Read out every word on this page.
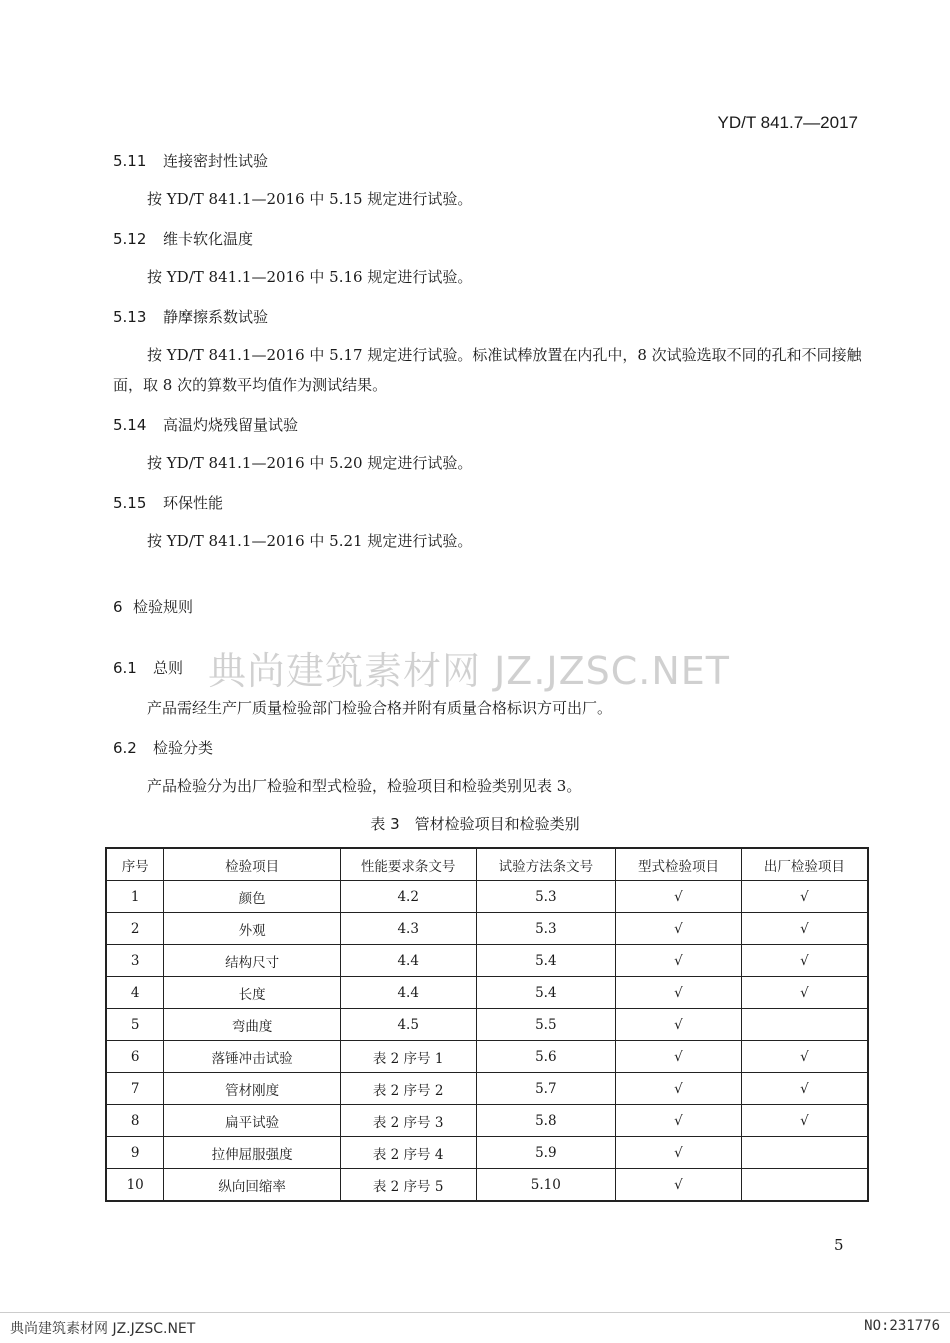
YD/T 841.7—2017
5.11 连接密封性试验
按 YD/T 841.1—2016 中 5.15 规定进行试验。
5.12 维卡软化温度
按 YD/T 841.1—2016 中 5.16 规定进行试验。
5.13 静摩擦系数试验
按 YD/T 841.1—2016 中 5.17 规定进行试验。标准试棒放置在内孔中，8 次试验选取不同的孔和不同接触面，取 8 次的算数平均值作为测试结果。
5.14 高温灼烧残留量试验
按 YD/T 841.1—2016 中 5.20 规定进行试验。
5.15 环保性能
按 YD/T 841.1—2016 中 5.21 规定进行试验。
6 检验规则
6.1 总则 典尚建筑素材网 JZ.JZSC.NET
产品需经生产厂质量检验部门检验合格并附有质量合格标识方可出厂。
6.2 检验分类
产品检验分为出厂检验和型式检验，检验项目和检验类别见表 3。
表 3　管材检验项目和检验类别
序号	检验项目	性能要求条文号	试验方法条文号	型式检验项目	出厂检验项目
1	颜色	4.2	5.3	√	√
2	外观	4.3	5.3	√	√
3	结构尺寸	4.4	5.4	√	√
4	长度	4.4	5.4	√	√
5	弯曲度	4.5	5.5	√	
6	落锤冲击试验	表 2 序号 1	5.6	√	√
7	管材刚度	表 2 序号 2	5.7	√	√
8	扁平试验	表 2 序号 3	5.8	√	√
9	拉伸屈服强度	表 2 序号 4	5.9	√	
10	纵向回缩率	表 2 序号 5	5.10	√	
5
典尚建筑素材网 JZ.JZSC.NET	NO:231776
